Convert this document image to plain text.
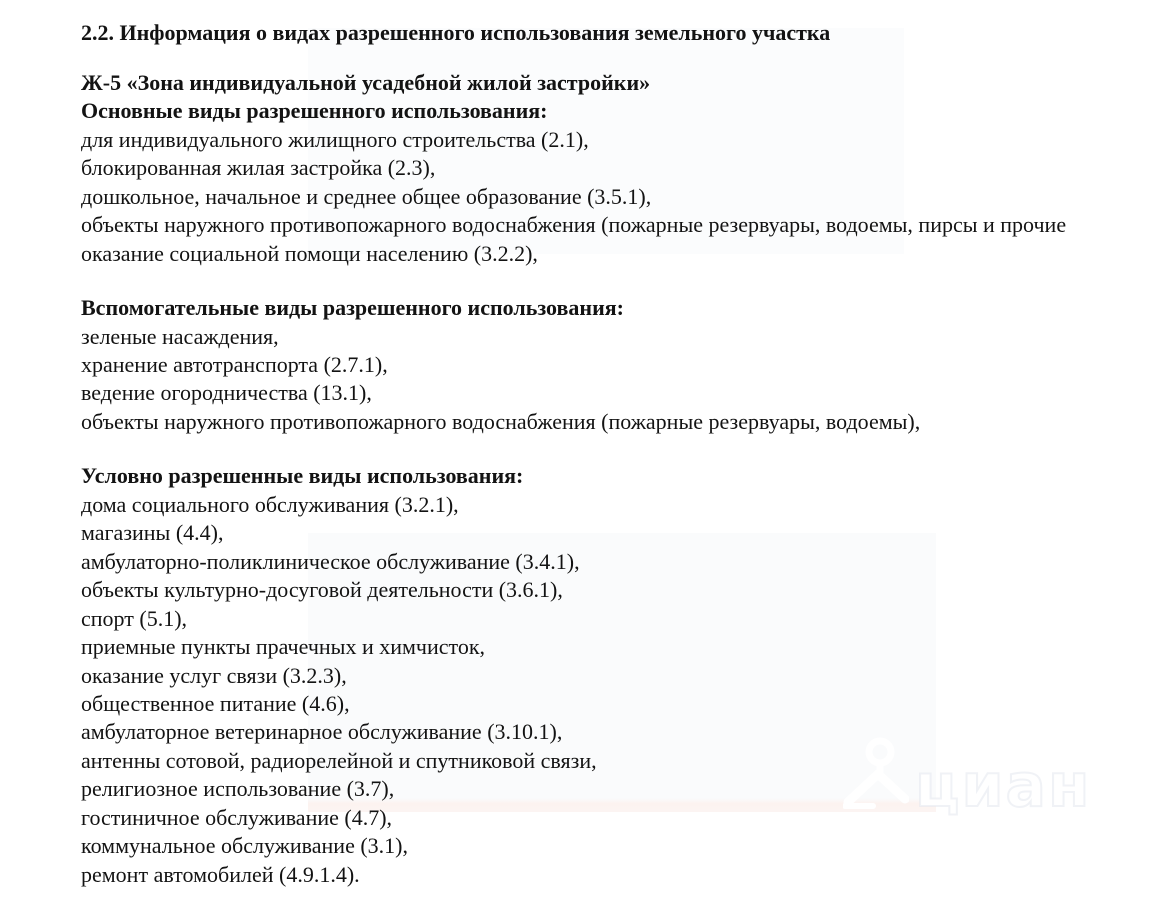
циан
2.2. Информация о видах разрешенного использования земельного участка
Ж-5 «Зона индивидуальной усадебной жилой застройки»
Основные виды разрешенного использования:
для индивидуального жилищного строительства (2.1),
блокированная жилая застройка (2.3),
дошкольное, начальное и среднее общее образование (3.5.1),
объекты наружного противопожарного водоснабжения (пожарные резервуары, водоемы, пирсы и прочие
оказание социальной помощи населению (3.2.2),
Вспомогательные виды разрешенного использования:
зеленые насаждения,
хранение автотранспорта (2.7.1),
ведение огородничества (13.1),
объекты наружного противопожарного водоснабжения (пожарные резервуары, водоемы),
Условно разрешенные виды использования:
дома социального обслуживания (3.2.1),
магазины (4.4),
амбулаторно-поликлиническое обслуживание (3.4.1),
объекты культурно-досуговой деятельности (3.6.1),
спорт (5.1),
приемные пункты прачечных и химчисток,
оказание услуг связи (3.2.3),
общественное питание (4.6),
амбулаторное ветеринарное обслуживание (3.10.1),
антенны сотовой, радиорелейной и спутниковой связи,
религиозное использование (3.7),
гостиничное обслуживание (4.7),
коммунальное обслуживание (3.1),
ремонт автомобилей (4.9.1.4).
